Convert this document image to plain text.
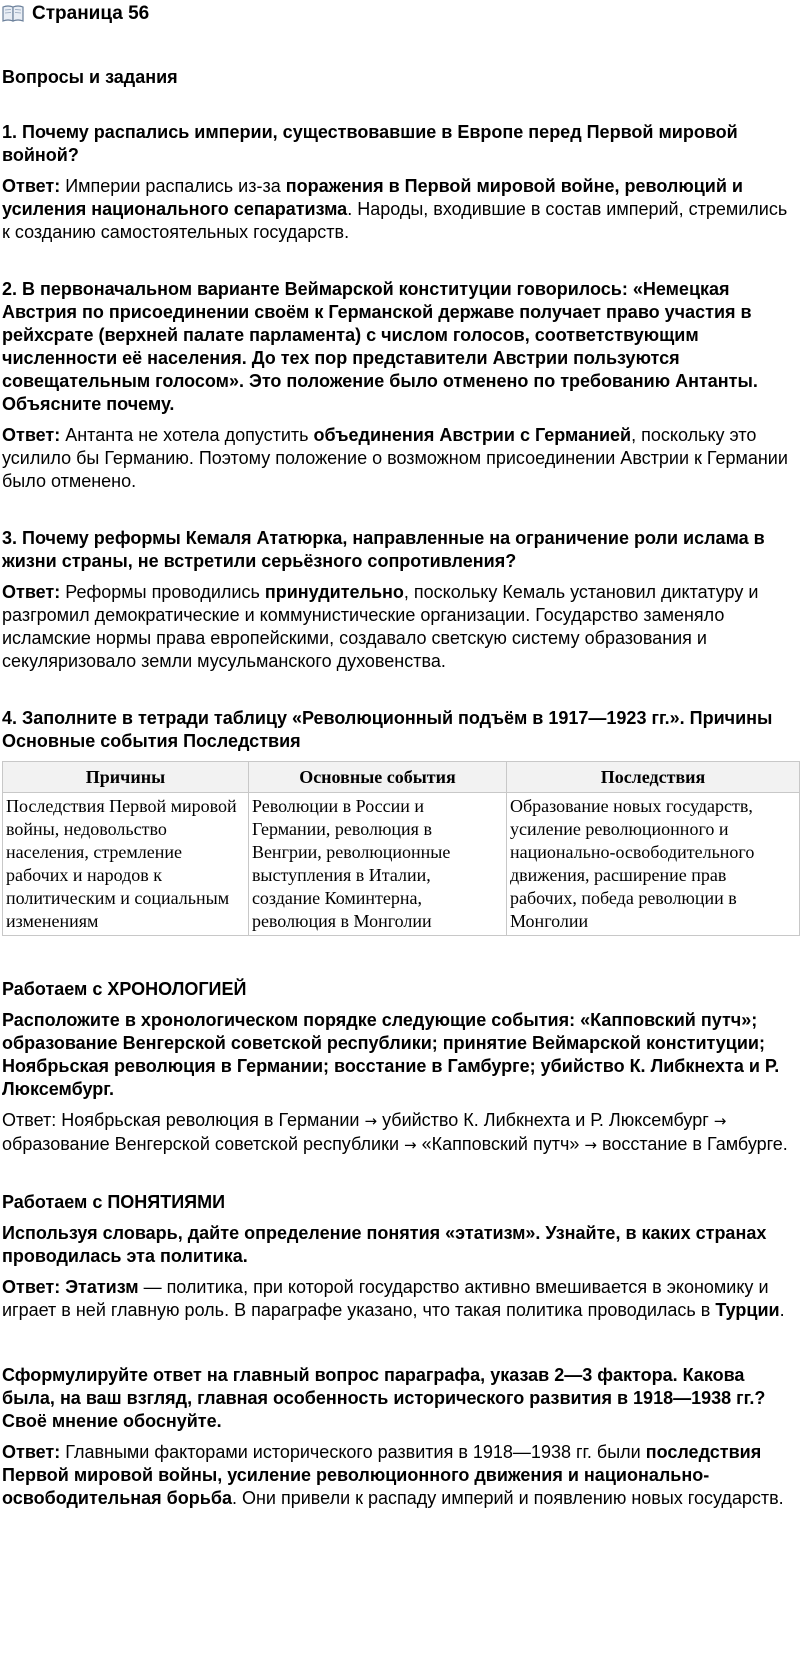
Страница 56
Вопросы и задания

1. Почему распались империи, существовавшие в Европе перед Первой мировой войной?

Ответ: Империи распались из-за поражения в Первой мировой войне, революций и усиления национального сепаратизма. Народы, входившие в состав империй, стремились к созданию самостоятельных государств.

2. В первоначальном варианте Веймарской конституции говорилось: «Немецкая Австрия по присоединении своём к Германской державе получает право участия в рейхсрате (верхней палате парламента) с числом голосов, соответствующим численности её населения. До тех пор представители Австрии пользуются совещательным голосом». Это положение было отменено по требованию Антанты. Объясните почему.

Ответ: Антанта не хотела допустить объединения Австрии с Германией, поскольку это усилило бы Германию. Поэтому положение о возможном присоединении Австрии к Германии было отменено.

3. Почему реформы Кемаля Ататюрка, направленные на ограничение роли ислама в жизни страны, не встретили серьёзного сопротивления?

Ответ: Реформы проводились принудительно, поскольку Кемаль установил диктатуру и разгромил демократические и коммунистические организации. Государство заменяло исламские нормы права европейскими, создавало светскую систему образования и секуляризовало земли мусульманского духовенства.

4. Заполните в тетради таблицу «Революционный подъём в 1917—1923 гг.». Причины Основные события Последствия

Причины	Основные события	Последствия
Последствия Первой мировой войны, недовольство населения, стремление рабочих и народов к политическим и социальным изменениям	Революции в России и Германии, революция в Венгрии, революционные выступления в Италии, создание Коминтерна, революция в Монголии	Образование новых государств, усиление революционного и национально-освободительного движения, расширение прав рабочих, победа революции в Монголии

Работаем с ХРОНОЛОГИЕЙ

Расположите в хронологическом порядке следующие события: «Капповский путч»; образование Венгерской советской республики; принятие Веймарской конституции; Ноябрьская революция в Германии; восстание в Гамбурге; убийство К. Либкнехта и Р. Люксембург.

Ответ: Ноябрьская революция в Германии → убийство К. Либкнехта и Р. Люксембург → образование Венгерской советской республики → «Капповский путч» → восстание в Гамбурге.

Работаем с ПОНЯТИЯМИ

Используя словарь, дайте определение понятия «этатизм». Узнайте, в каких странах проводилась эта политика.

Ответ: Этатизм — политика, при которой государство активно вмешивается в экономику и играет в ней главную роль. В параграфе указано, что такая политика проводилась в Турции.

Сформулируйте ответ на главный вопрос параграфа, указав 2—3 фактора. Какова была, на ваш взгляд, главная особенность исторического развития в 1918—1938 гг.? Своё мнение обоснуйте.

Ответ: Главными факторами исторического развития в 1918—1938 гг. были последствия Первой мировой войны, усиление революционного движения и национально-освободительная борьба. Они привели к распаду империй и появлению новых государств.
